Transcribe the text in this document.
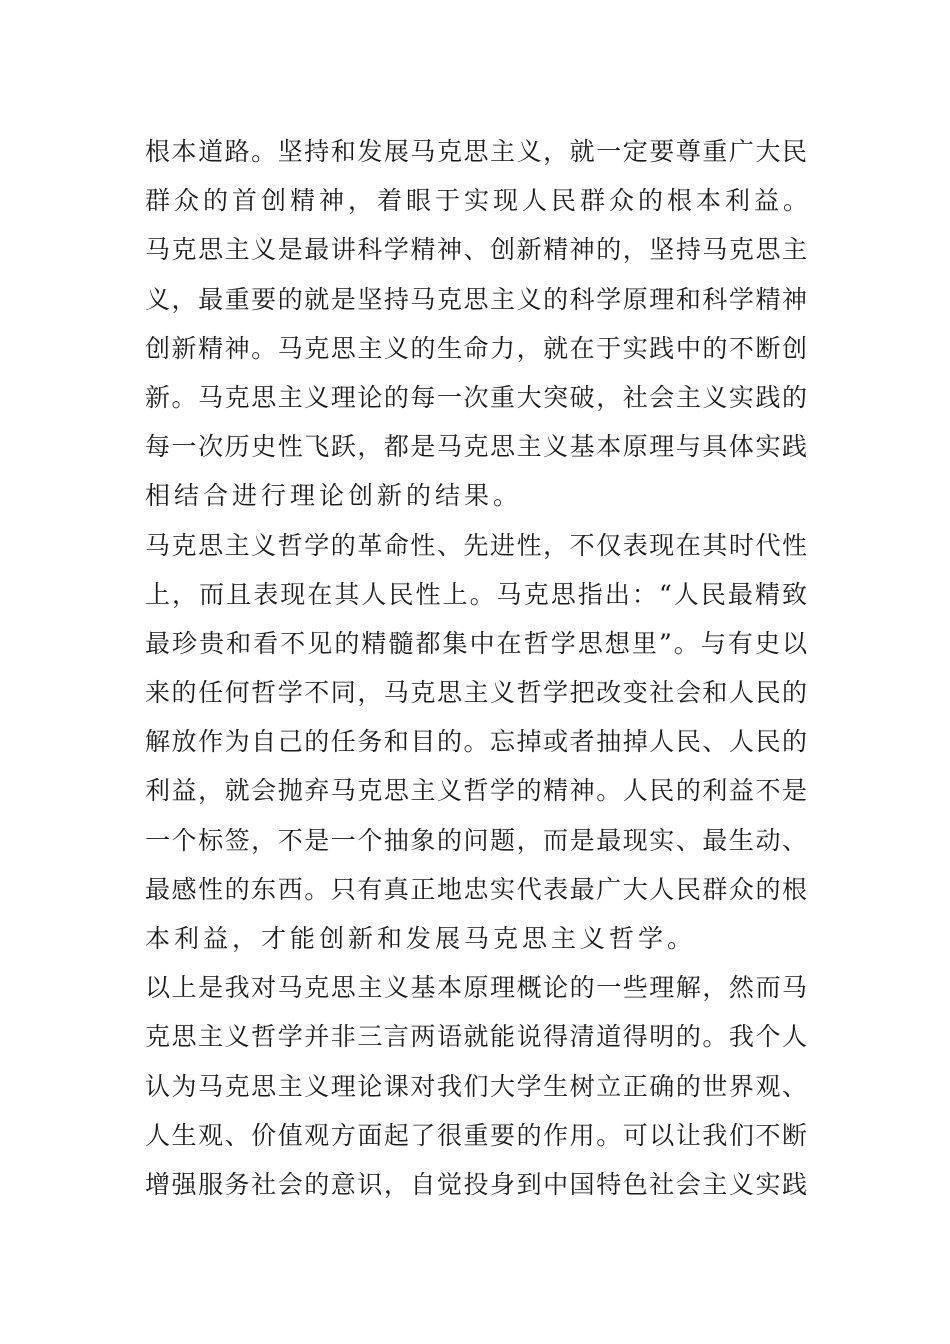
根本道路。坚持和发展马克思主义，就一定要尊重广大民
群众的首创精神，着眼于实现人民群众的根本利益。
马克思主义是最讲科学精神、创新精神的，坚持马克思主
义，最重要的就是坚持马克思主义的科学原理和科学精神
创新精神。马克思主义的生命力，就在于实践中的不断创
新。马克思主义理论的每一次重大突破，社会主义实践的
每一次历史性飞跃，都是马克思主义基本原理与具体实践
相结合进行理论创新的结果。
马克思主义哲学的革命性、先进性，不仅表现在其时代性
上，而且表现在其人民性上。马克思指出：“人民最精致
最珍贵和看不见的精髓都集中在哲学思想里”。与有史以
来的任何哲学不同，马克思主义哲学把改变社会和人民的
解放作为自己的任务和目的。忘掉或者抽掉人民、人民的
利益，就会抛弃马克思主义哲学的精神。人民的利益不是
一个标签，不是一个抽象的问题，而是最现实、最生动、
最感性的东西。只有真正地忠实代表最广大人民群众的根
本利益，才能创新和发展马克思主义哲学。
以上是我对马克思主义基本原理概论的一些理解，然而马
克思主义哲学并非三言两语就能说得清道得明的。我个人
认为马克思主义理论课对我们大学生树立正确的世界观、
人生观、价值观方面起了很重要的作用。可以让我们不断
增强服务社会的意识，自觉投身到中国特色社会主义实践
